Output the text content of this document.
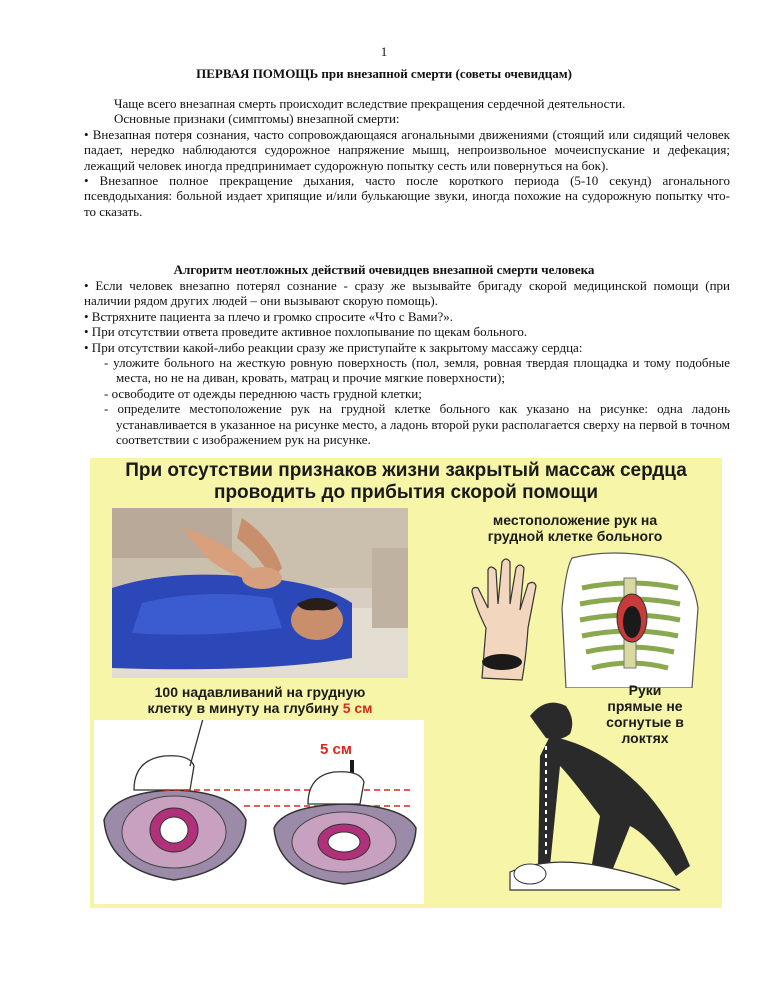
1
ПЕРВАЯ ПОМОЩЬ при внезапной смерти (советы очевидцам)
Чаще всего внезапная смерть происходит вследствие прекращения сердечной деятельности.
Основные признаки (симптомы) внезапной смерти:
• Внезапная потеря сознания, часто сопровождающаяся агональными движениями (стоящий или сидящий человек падает, нередко наблюдаются судорожное напряжение мышц, непроизвольное мочеиспускание и дефекация; лежащий человек иногда предпринимает судорожную попытку сесть или повернуться на бок).
• Внезапное полное прекращение дыхания, часто после короткого периода (5-10 секунд) агонального псевдодыхания: больной издает хрипящие и/или булькающие звуки, иногда похожие на судорожную попытку что-то сказать.
Алгоритм неотложных действий очевидцев внезапной смерти человека
• Если человек внезапно потерял сознание - сразу же вызывайте бригаду скорой медицинской помощи (при наличии рядом других людей – они вызывают скорую помощь).
• Встряхните пациента за плечо и громко спросите «Что с Вами?».
• При отсутствии ответа проведите активное похлопывание по щекам больного.
• При отсутствии какой-либо реакции сразу же приступайте к закрытому массажу сердца:
- уложите больного на жесткую ровную поверхность (пол, земля, ровная твердая площадка и тому подобные места, но не на диван, кровать, матрац и прочие мягкие поверхности);
- освободите от одежды переднюю часть грудной клетки;
- определите местоположение рук на грудной клетке больного как указано на рисунке: одна ладонь устанавливается в указанное на рисунке место, а ладонь второй руки располагается сверху на первой в точном соответствии с изображением рук на рисунке.
При отсутствии признаков жизни закрытый массаж сердца
проводить до прибытия скорой помощи
местоположение рук на
грудной клетке больного
100 надавливаний на грудную
клетку в минуту на глубину 5 см
5 см
Руки
прямые не
согнутые в
локтях
